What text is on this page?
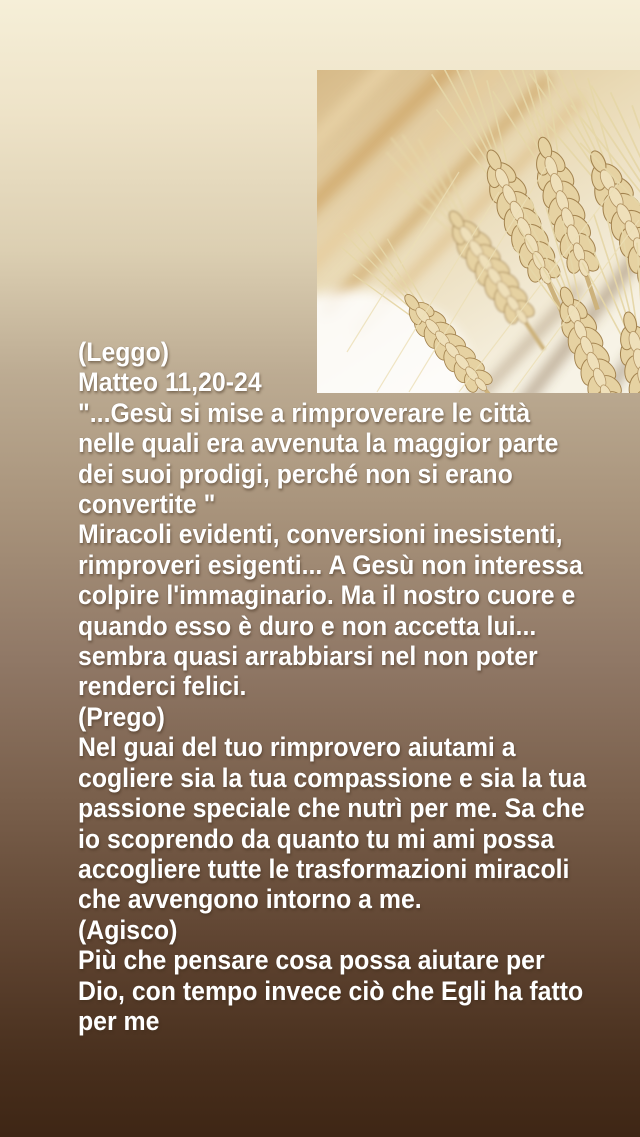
(Leggo)
Matteo 11,20-24
"...Gesù si mise a rimproverare le città
nelle quali era avvenuta la maggior parte
dei suoi prodigi, perché non si erano
convertite "
Miracoli evidenti, conversioni inesistenti,
rimproveri esigenti... A Gesù non interessa
colpire l'immaginario. Ma il nostro cuore e
quando esso è duro e non accetta lui...
sembra quasi arrabbiarsi nel non poter
renderci felici.
(Prego)
Nel guai del tuo rimprovero aiutami a
cogliere sia la tua compassione e sia la tua
passione speciale che nutrì per me. Sa che
io scoprendo da quanto tu mi ami possa
accogliere tutte le trasformazioni miracoli
che avvengono intorno a me.
(Agisco)
Più che pensare cosa possa aiutare per
Dio, con tempo invece ciò che Egli ha fatto
per me
